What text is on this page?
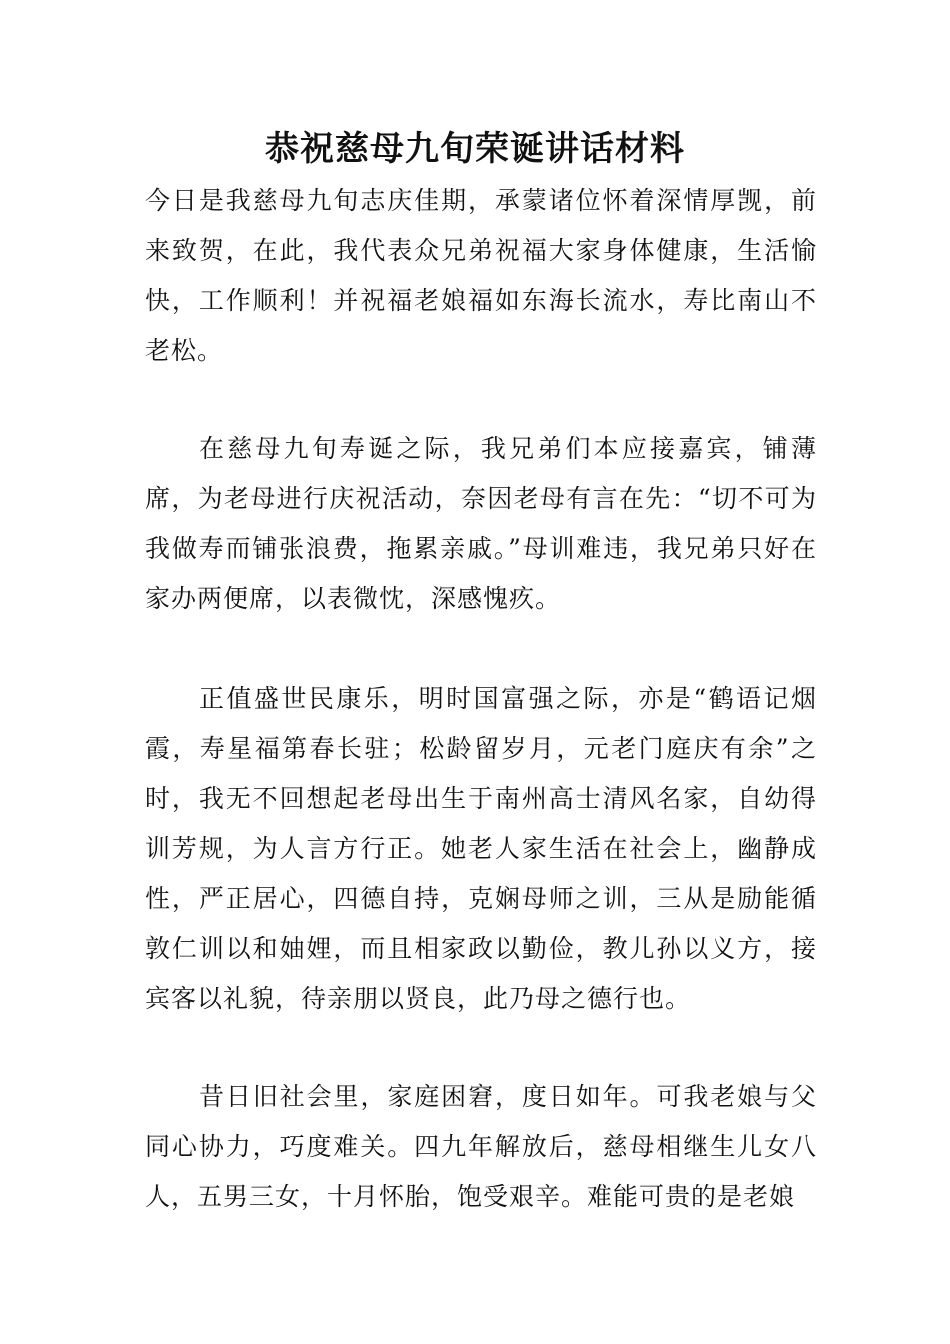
恭祝慈母九旬荣诞讲话材料

今日是我慈母九旬志庆佳期，承蒙诸位怀着深情厚觊，前来致贺，在此，我代表众兄弟祝福大家身体健康，生活愉快，工作顺利！并祝福老娘福如东海长流水，寿比南山不老松。

在慈母九旬寿诞之际，我兄弟们本应接嘉宾，铺薄席，为老母进行庆祝活动，奈因老母有言在先：“切不可为我做寿而铺张浪费，拖累亲戚。”母训难违，我兄弟只好在家办两便席，以表微忱，深感愧疚。

正值盛世民康乐，明时国富强之际，亦是“鹤语记烟霞，寿星福第春长驻；松龄留岁月，元老门庭庆有余”之时，我无不回想起老母出生于南州高士清风名家，自幼得训芳规，为人言方行正。她老人家生活在社会上，幽静成性，严正居心，四德自持，克娴母师之训，三从是励能循敦仁训以和妯娌，而且相家政以勤俭，教儿孙以义方，接宾客以礼貌，待亲朋以贤良，此乃母之德行也。

昔日旧社会里，家庭困窘，度日如年。可我老娘与父同心协力，巧度难关。四九年解放后，慈母相继生儿女八人，五男三女，十月怀胎，饱受艰辛。难能可贵的是老娘
